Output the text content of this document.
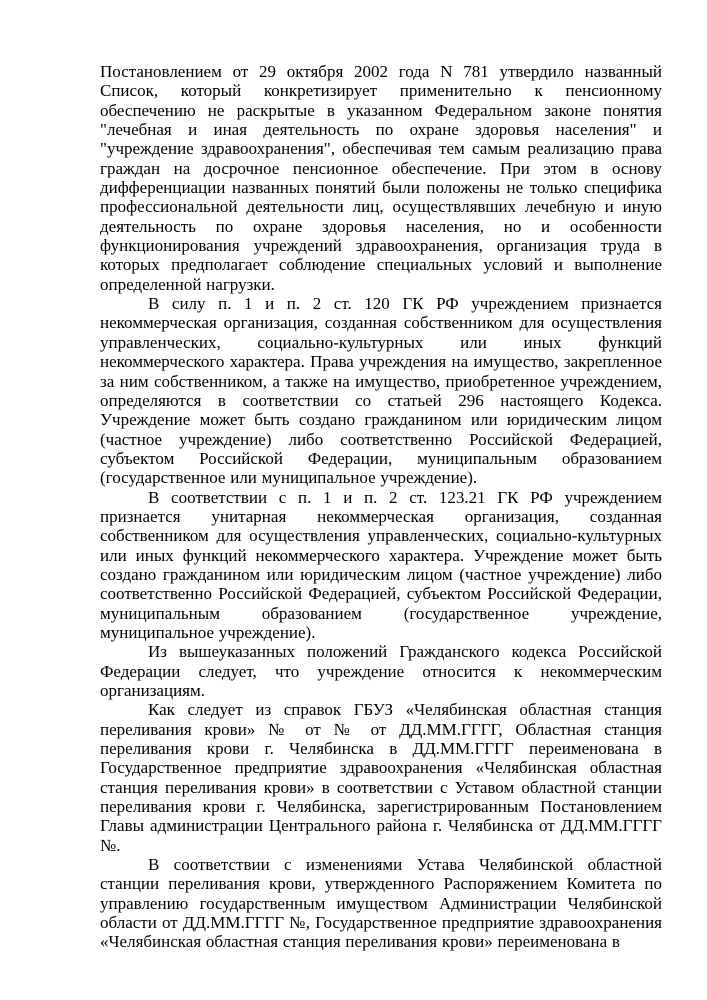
Постановлением от 29 октября 2002 года N 781 утвердило названный Список, который конкретизирует применительно к пенсионному обеспечению не раскрытые в указанном Федеральном законе понятия "лечебная и иная деятельность по охране здоровья населения" и "учреждение здравоохранения", обеспечивая тем самым реализацию права граждан на досрочное пенсионное обеспечение. При этом в основу дифференциации названных понятий были положены не только специфика профессиональной деятельности лиц, осуществлявших лечебную и иную деятельность по охране здоровья населения, но и особенности функционирования учреждений здравоохранения, организация труда в которых предполагает соблюдение специальных условий и выполнение определенной нагрузки.

В силу п. 1 и п. 2 ст. 120 ГК РФ учреждением признается некоммерческая организация, созданная собственником для осуществления управленческих, социально-культурных или иных функций некоммерческого характера. Права учреждения на имущество, закрепленное за ним собственником, а также на имущество, приобретенное учреждением, определяются в соответствии со статьей 296 настоящего Кодекса. Учреждение может быть создано гражданином или юридическим лицом (частное учреждение) либо соответственно Российской Федерацией, субъектом Российской Федерации, муниципальным образованием (государственное или муниципальное учреждение).

В соответствии с п. 1 и п. 2 ст. 123.21 ГК РФ учреждением признается унитарная некоммерческая организация, созданная собственником для осуществления управленческих, социально-культурных или иных функций некоммерческого характера. Учреждение может быть создано гражданином или юридическим лицом (частное учреждение) либо соответственно Российской Федерацией, субъектом Российской Федерации, муниципальным образованием (государственное учреждение, муниципальное учреждение).

Из вышеуказанных положений Гражданского кодекса Российской Федерации следует, что учреждение относится к некоммерческим организациям.

Как следует из справок ГБУЗ «Челябинская областная станция переливания крови» № от № от ДД.ММ.ГГГГ, Областная станция переливания крови г. Челябинска в ДД.ММ.ГГГГ переименована в Государственное предприятие здравоохранения «Челябинская областная станция переливания крови» в соответствии с Уставом областной станции переливания крови г. Челябинска, зарегистрированным Постановлением Главы администрации Центрального района г. Челябинска от ДД.ММ.ГГГГ №.

В соответствии с изменениями Устава Челябинской областной станции переливания крови, утвержденного Распоряжением Комитета по управлению государственным имуществом Администрации Челябинской области от ДД.ММ.ГГГГ №, Государственное предприятие здравоохранения «Челябинская областная станция переливания крови» переименована в
